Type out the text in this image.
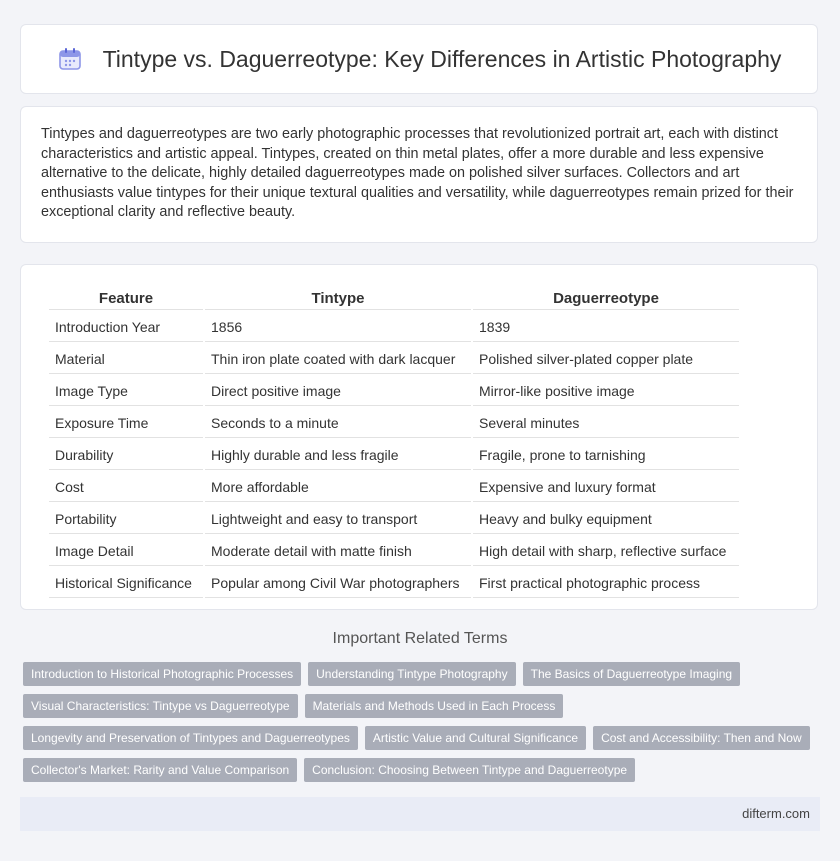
Tintype vs. Daguerreotype: Key Differences in Artistic Photography

Tintypes and daguerreotypes are two early photographic processes that revolutionized portrait art, each with distinct characteristics and artistic appeal. Tintypes, created on thin metal plates, offer a more durable and less expensive alternative to the delicate, highly detailed daguerreotypes made on polished silver surfaces. Collectors and art enthusiasts value tintypes for their unique textural qualities and versatility, while daguerreotypes remain prized for their exceptional clarity and reflective beauty.

Feature	Tintype	Daguerreotype
Introduction Year	1856	1839
Material	Thin iron plate coated with dark lacquer	Polished silver-plated copper plate
Image Type	Direct positive image	Mirror-like positive image
Exposure Time	Seconds to a minute	Several minutes
Durability	Highly durable and less fragile	Fragile, prone to tarnishing
Cost	More affordable	Expensive and luxury format
Portability	Lightweight and easy to transport	Heavy and bulky equipment
Image Detail	Moderate detail with matte finish	High detail with sharp, reflective surface
Historical Significance	Popular among Civil War photographers	First practical photographic process
Important Related Terms
Introduction to Historical Photographic Processes	Understanding Tintype Photography	The Basics of Daguerreotype Imaging
Visual Characteristics: Tintype vs Daguerreotype	Materials and Methods Used in Each Process
Longevity and Preservation of Tintypes and Daguerreotypes	Artistic Value and Cultural Significance	Cost and Accessibility: Then and Now
Collector's Market: Rarity and Value Comparison	Conclusion: Choosing Between Tintype and Daguerreotype
difterm.com
